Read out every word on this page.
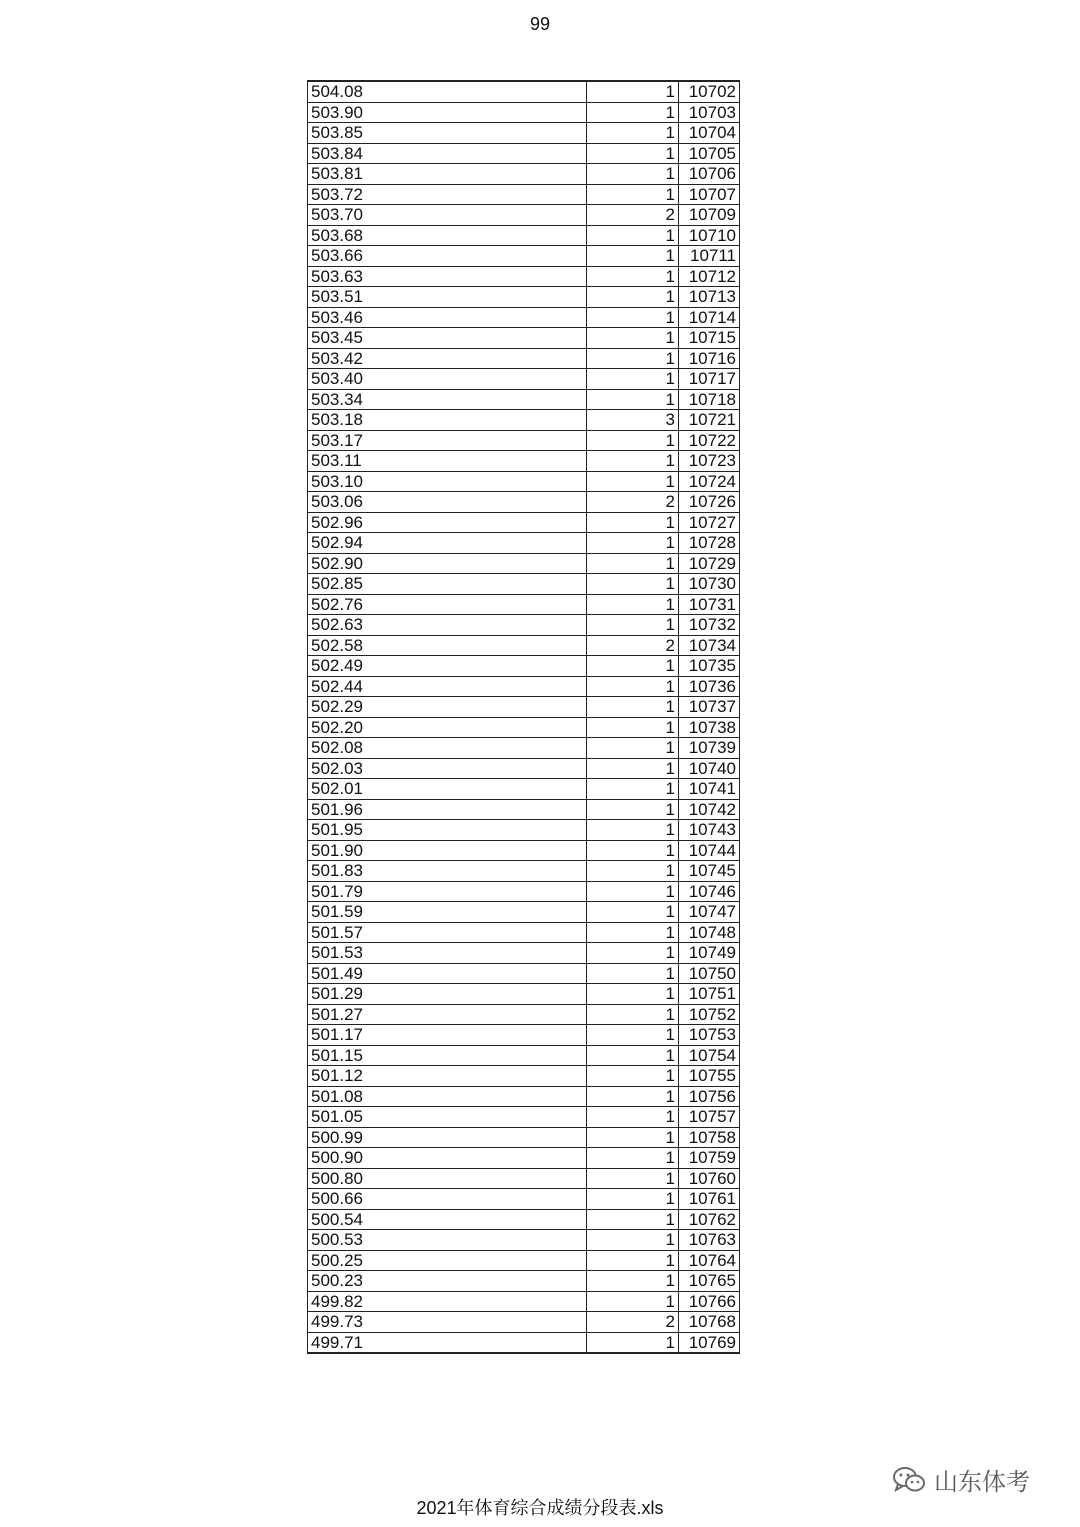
99
504.08	1	10702
503.90	1	10703
503.85	1	10704
503.84	1	10705
503.81	1	10706
503.72	1	10707
503.70	2	10709
503.68	1	10710
503.66	1	10711
503.63	1	10712
503.51	1	10713
503.46	1	10714
503.45	1	10715
503.42	1	10716
503.40	1	10717
503.34	1	10718
503.18	3	10721
503.17	1	10722
503.11	1	10723
503.10	1	10724
503.06	2	10726
502.96	1	10727
502.94	1	10728
502.90	1	10729
502.85	1	10730
502.76	1	10731
502.63	1	10732
502.58	2	10734
502.49	1	10735
502.44	1	10736
502.29	1	10737
502.20	1	10738
502.08	1	10739
502.03	1	10740
502.01	1	10741
501.96	1	10742
501.95	1	10743
501.90	1	10744
501.83	1	10745
501.79	1	10746
501.59	1	10747
501.57	1	10748
501.53	1	10749
501.49	1	10750
501.29	1	10751
501.27	1	10752
501.17	1	10753
501.15	1	10754
501.12	1	10755
501.08	1	10756
501.05	1	10757
500.99	1	10758
500.90	1	10759
500.80	1	10760
500.66	1	10761
500.54	1	10762
500.53	1	10763
500.25	1	10764
500.23	1	10765
499.82	1	10766
499.73	2	10768
499.71	1	10769
2021年体育综合成绩分段表.xls
山东体考
